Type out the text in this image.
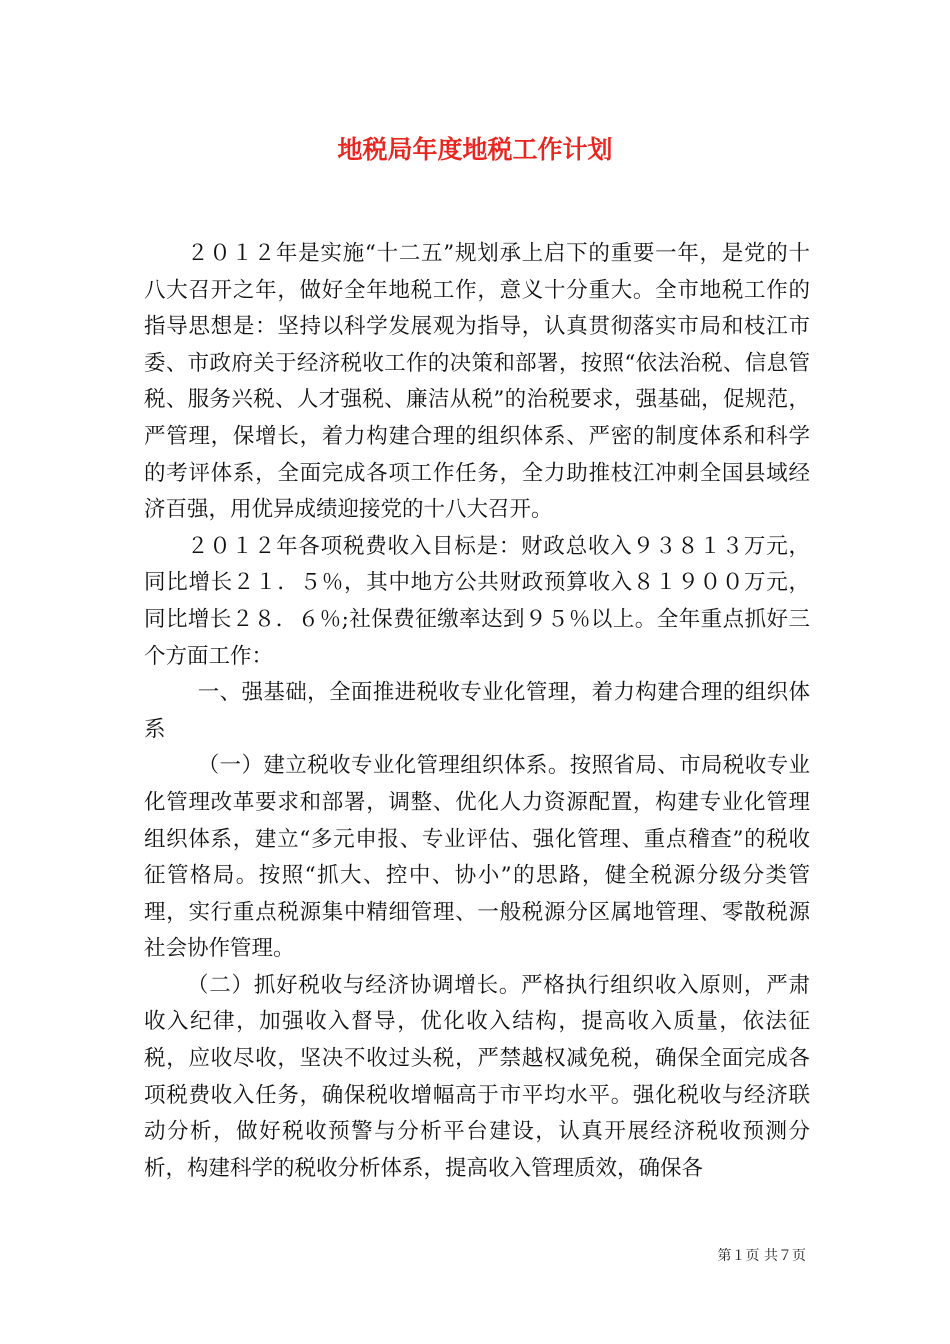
地税局年度地税工作计划

２０１２年是实施“十二五”规划承上启下的重要一年，是党的十八大召开之年，做好全年地税工作，意义十分重大。全市地税工作的指导思想是：坚持以科学发展观为指导，认真贯彻落实市局和枝江市委、市政府关于经济税收工作的决策和部署，按照“依法治税、信息管税、服务兴税、人才强税、廉洁从税”的治税要求，强基础，促规范，严管理，保增长，着力构建合理的组织体系、严密的制度体系和科学的考评体系，全面完成各项工作任务，全力助推枝江冲刺全国县域经济百强，用优异成绩迎接党的十八大召开。

２０１２年各项税费收入目标是：财政总收入９３８１３万元，同比增长２１．５％，其中地方公共财政预算收入８１９００万元，同比增长２８．６％;社保费征缴率达到９５％以上。全年重点抓好三个方面工作：

一、强基础，全面推进税收专业化管理，着力构建合理的组织体系

（一）建立税收专业化管理组织体系。按照省局、市局税收专业化管理改革要求和部署，调整、优化人力资源配置，构建专业化管理组织体系，建立“多元申报、专业评估、强化管理、重点稽查”的税收征管格局。按照“抓大、控中、协小”的思路，健全税源分级分类管理，实行重点税源集中精细管理、一般税源分区属地管理、零散税源社会协作管理。

（二）抓好税收与经济协调增长。严格执行组织收入原则，严肃收入纪律，加强收入督导，优化收入结构，提高收入质量，依法征税，应收尽收，坚决不收过头税，严禁越权减免税，确保全面完成各项税费收入任务，确保税收增幅高于市平均水平。强化税收与经济联动分析，做好税收预警与分析平台建设，认真开展经济税收预测分析，构建科学的税收分析体系，提高收入管理质效，确保各

第１页 共７页
